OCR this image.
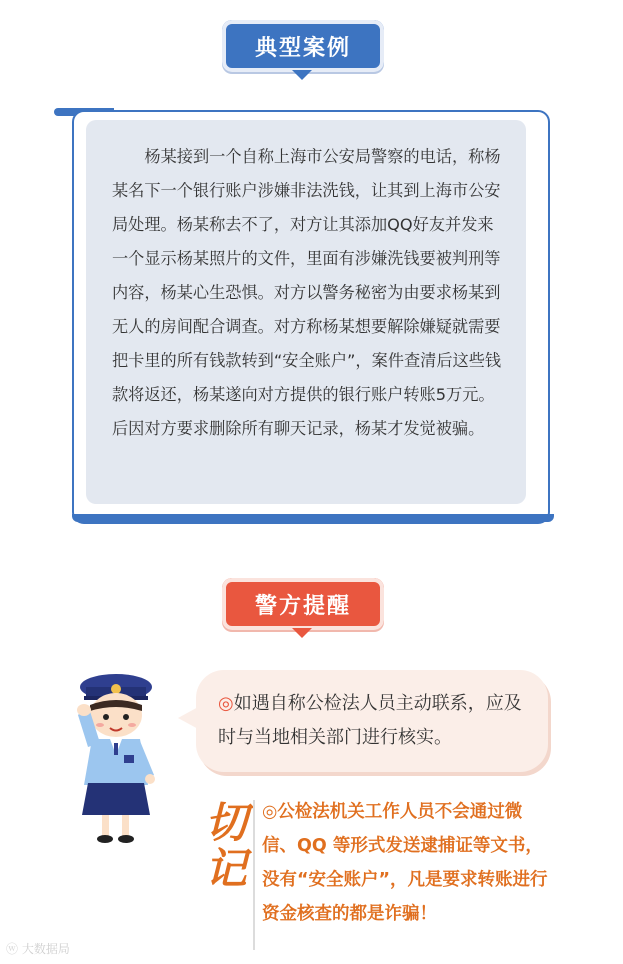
典型案例
杨某接到一个自称上海市公安局警察的电话，称杨某名下一个银行账户涉嫌非法洗钱，让其到上海市公安局处理。杨某称去不了，对方让其添加QQ好友并发来一个显示杨某照片的文件，里面有涉嫌洗钱要被判刑等内容，杨某心生恐惧。对方以警务秘密为由要求杨某到无人的房间配合调查。对方称杨某想要解除嫌疑就需要把卡里的所有钱款转到“安全账户”，案件查清后这些钱款将返还，杨某遂向对方提供的银行账户转账5万元。后因对方要求删除所有聊天记录，杨某才发觉被骗。
警方提醒
◎如遇自称公检法人员主动联系，应及时与当地相关部门进行核实。
切记
◎公检法机关工作人员不会通过微信、QQ 等形式发送逮捕证等文书，没有“安全账户”，凡是要求转账进行资金核查的都是诈骗！
ⓦ 大数据局
